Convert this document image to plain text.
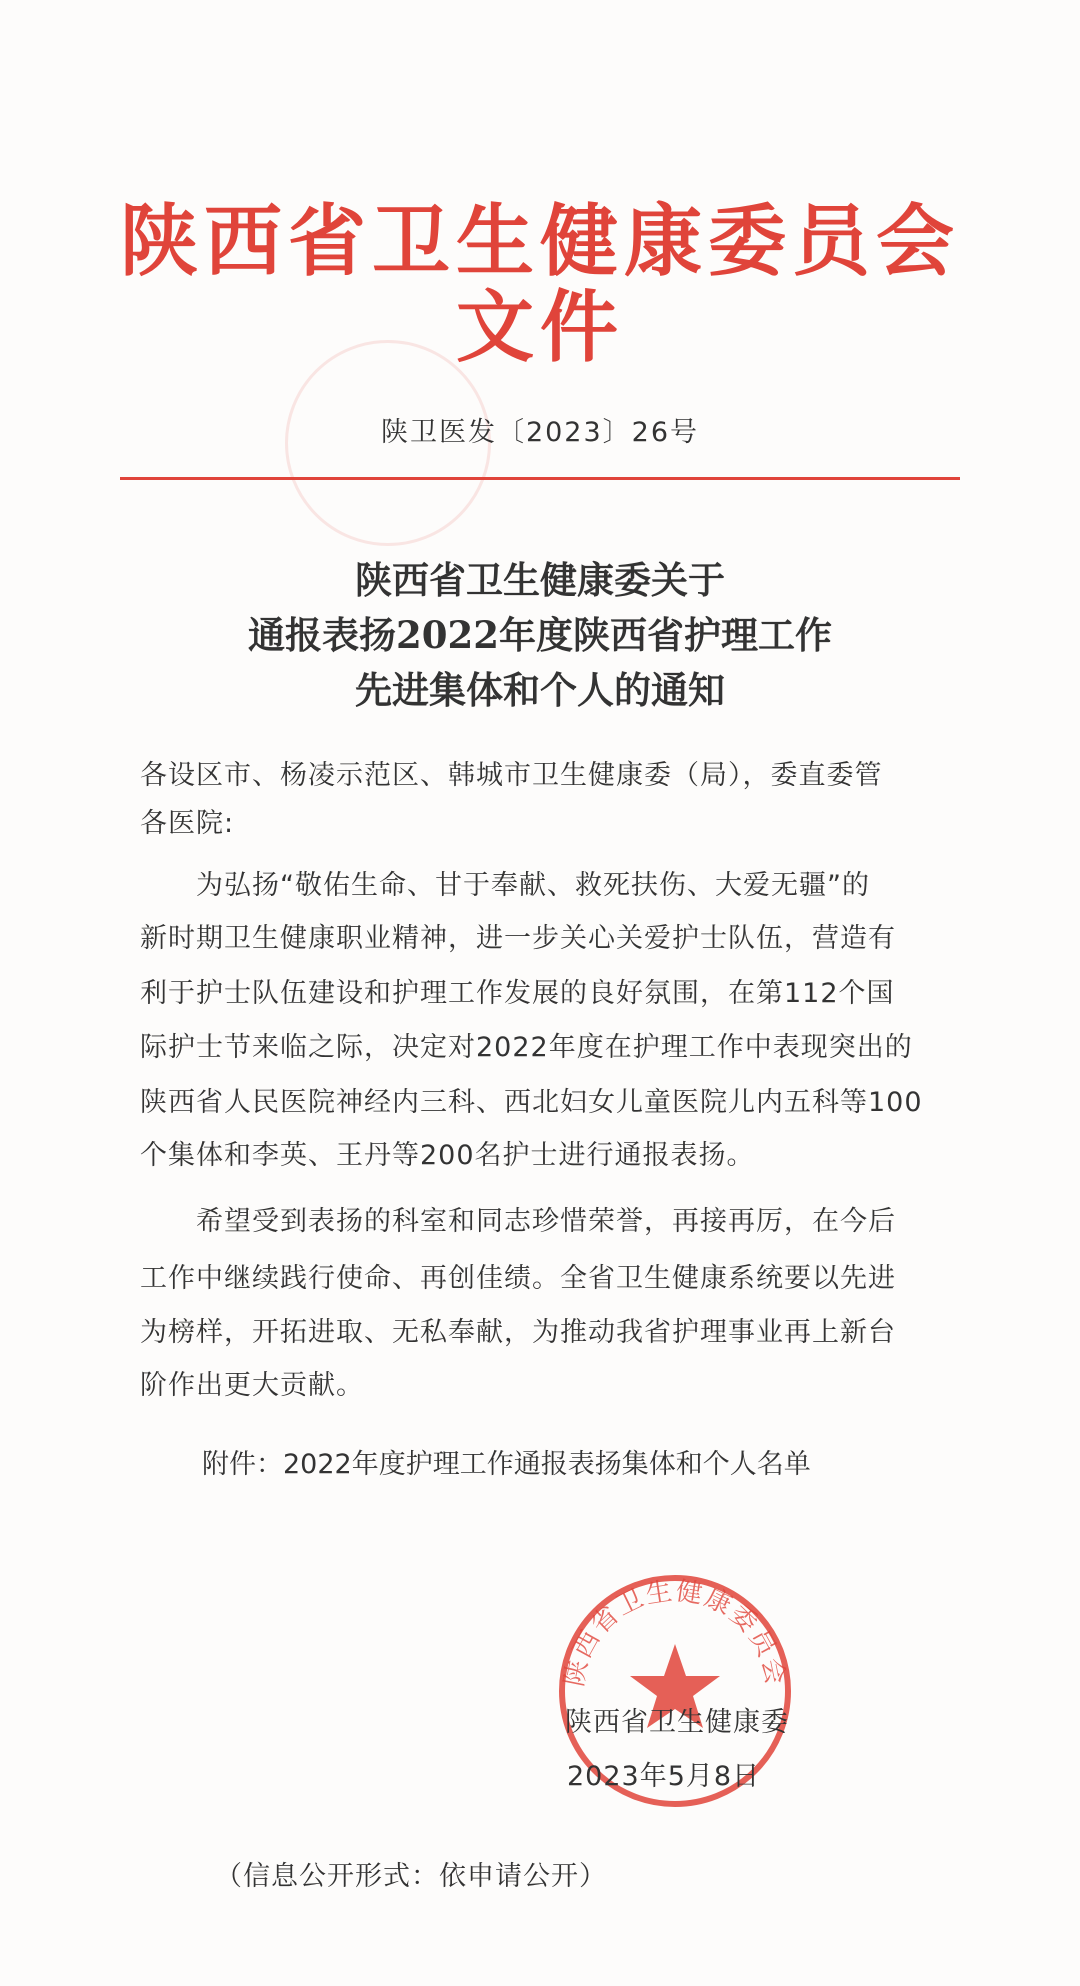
陕西省卫生健康委员会文件
陕卫医发〔2023〕26号
陕西省卫生健康委关于
通报表扬2022年度陕西省护理工作
先进集体和个人的通知
各设区市、杨凌示范区、韩城市卫生健康委（局），委直委管
各医院:
　　为弘扬“敬佑生命、甘于奉献、救死扶伤、大爱无疆”的
新时期卫生健康职业精神，进一步关心关爱护士队伍，营造有
利于护士队伍建设和护理工作发展的良好氛围，在第112个国
际护士节来临之际，决定对2022年度在护理工作中表现突出的
陕西省人民医院神经内三科、西北妇女儿童医院儿内五科等100
个集体和李英、王丹等200名护士进行通报表扬。
　　希望受到表扬的科室和同志珍惜荣誉，再接再厉，在今后
工作中继续践行使命、再创佳绩。全省卫生健康系统要以先进
为榜样，开拓进取、无私奉献，为推动我省护理事业再上新台
阶作出更大贡献。
附件：2022年度护理工作通报表扬集体和个人名单
陕西省卫生健康委员会
陕西省卫生健康委
2023年5月8日
（信息公开形式：依申请公开）
